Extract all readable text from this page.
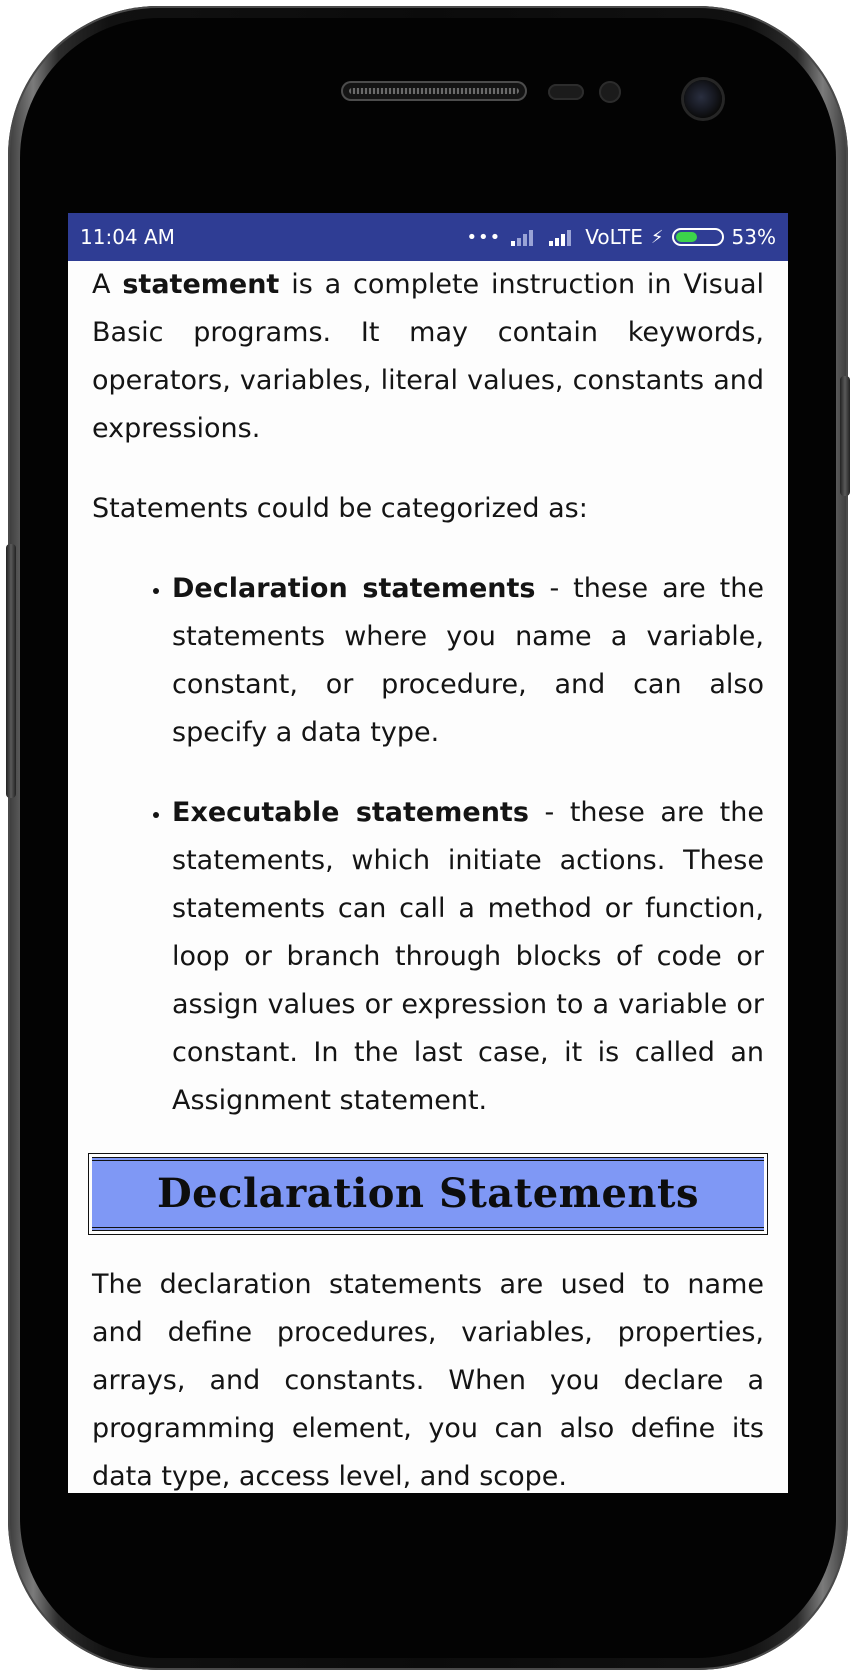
11:04 AM	•••	VoLTE ⚡	53%

A statement is a complete instruction in Visual Basic programs. It may contain keywords, operators, variables, literal values, constants and expressions.

Statements could be categorized as:

• Declaration statements - these are the statements where you name a variable, constant, or procedure, and can also specify a data type.
• Executable statements - these are the statements, which initiate actions. These statements can call a method or function, loop or branch through blocks of code or assign values or expression to a variable or constant. In the last case, it is called an Assignment statement.
Declaration Statements

The declaration statements are used to name and define procedures, variables, properties, arrays, and constants. When you declare a programming element, you can also define its data type, access level, and scope.
